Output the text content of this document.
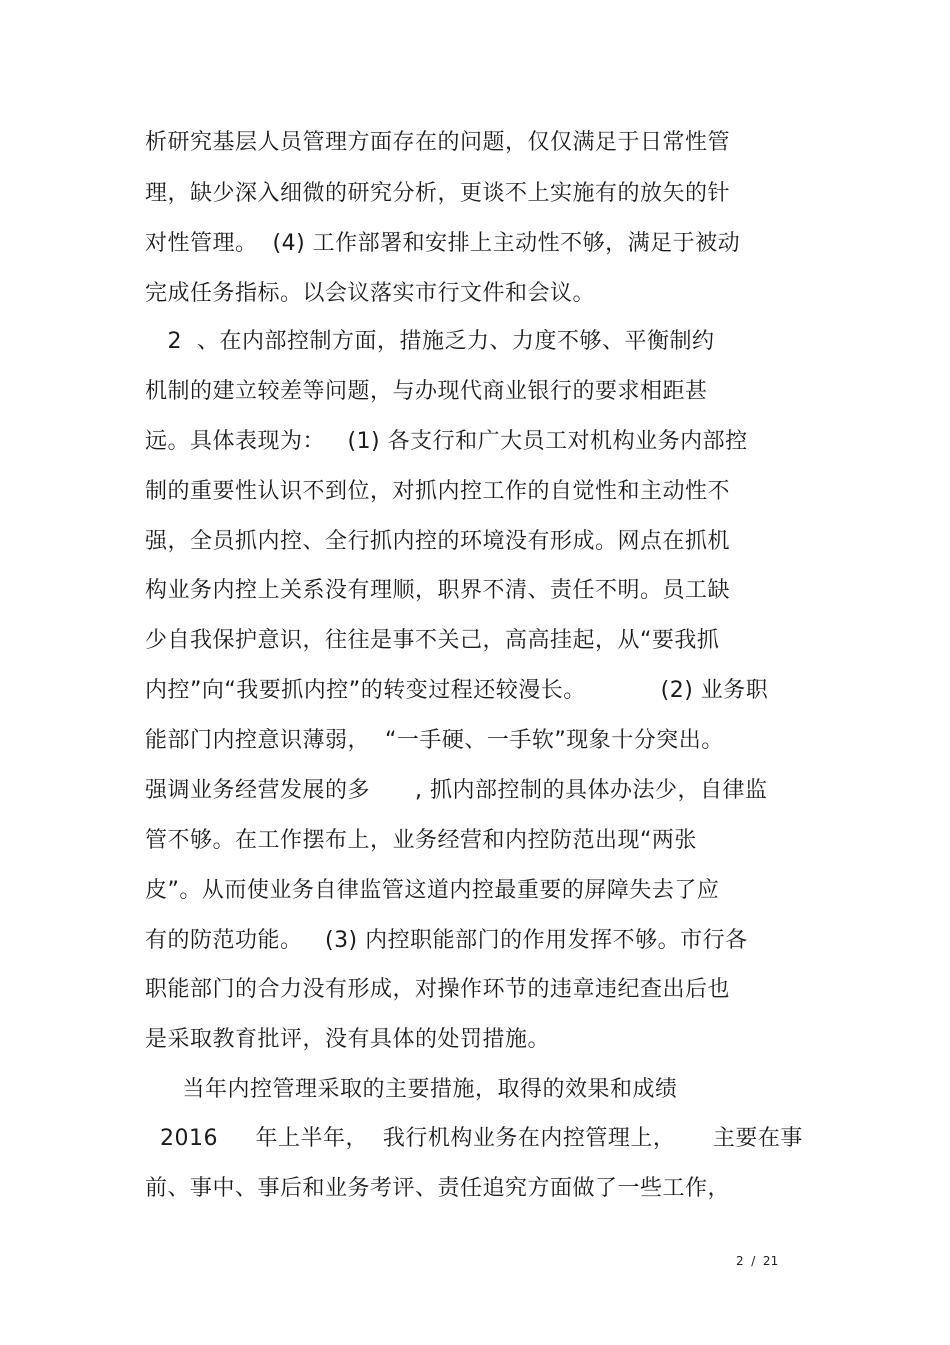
析研究基层人员管理方面存在的问题，仅仅满足于日常性管
理，缺少深入细微的研究分析，更谈不上实施有的放矢的针
对性管理。  (4) 工作部署和安排上主动性不够，满足于被动
完成任务指标。以会议落实市行文件和会议。
2  、在内部控制方面，措施乏力、力度不够、平衡制约
机制的建立较差等问题，与办现代商业银行的要求相距甚
远。具体表现为：   (1) 各支行和广大员工对机构业务内部控
制的重要性认识不到位，对抓内控工作的自觉性和主动性不
强，全员抓内控、全行抓内控的环境没有形成。网点在抓机
构业务内控上关系没有理顺，职界不清、责任不明。员工缺
少自我保护意识，往往是事不关己，高高挂起，从“要我抓
内控”向“我要抓内控”的转变过程还较漫长。          (2) 业务职
能部门内控意识薄弱，  “一手硬、一手软”现象十分突出。
强调业务经营发展的多      , 抓内部控制的具体办法少，自律监
管不够。在工作摆布上，业务经营和内控防范出现“两张
皮”。从而使业务自律监管这道内控最重要的屏障失去了应
有的防范功能。   (3) 内控职能部门的作用发挥不够。市行各
职能部门的合力没有形成，对操作环节的违章违纪查出后也
是采取教育批评，没有具体的处罚措施。
当年内控管理采取的主要措施，取得的效果和成绩
2016     年上半年，  我行机构业务在内控管理上，     主要在事
前、事中、事后和业务考评、责任追究方面做了一些工作，
2  /  21
